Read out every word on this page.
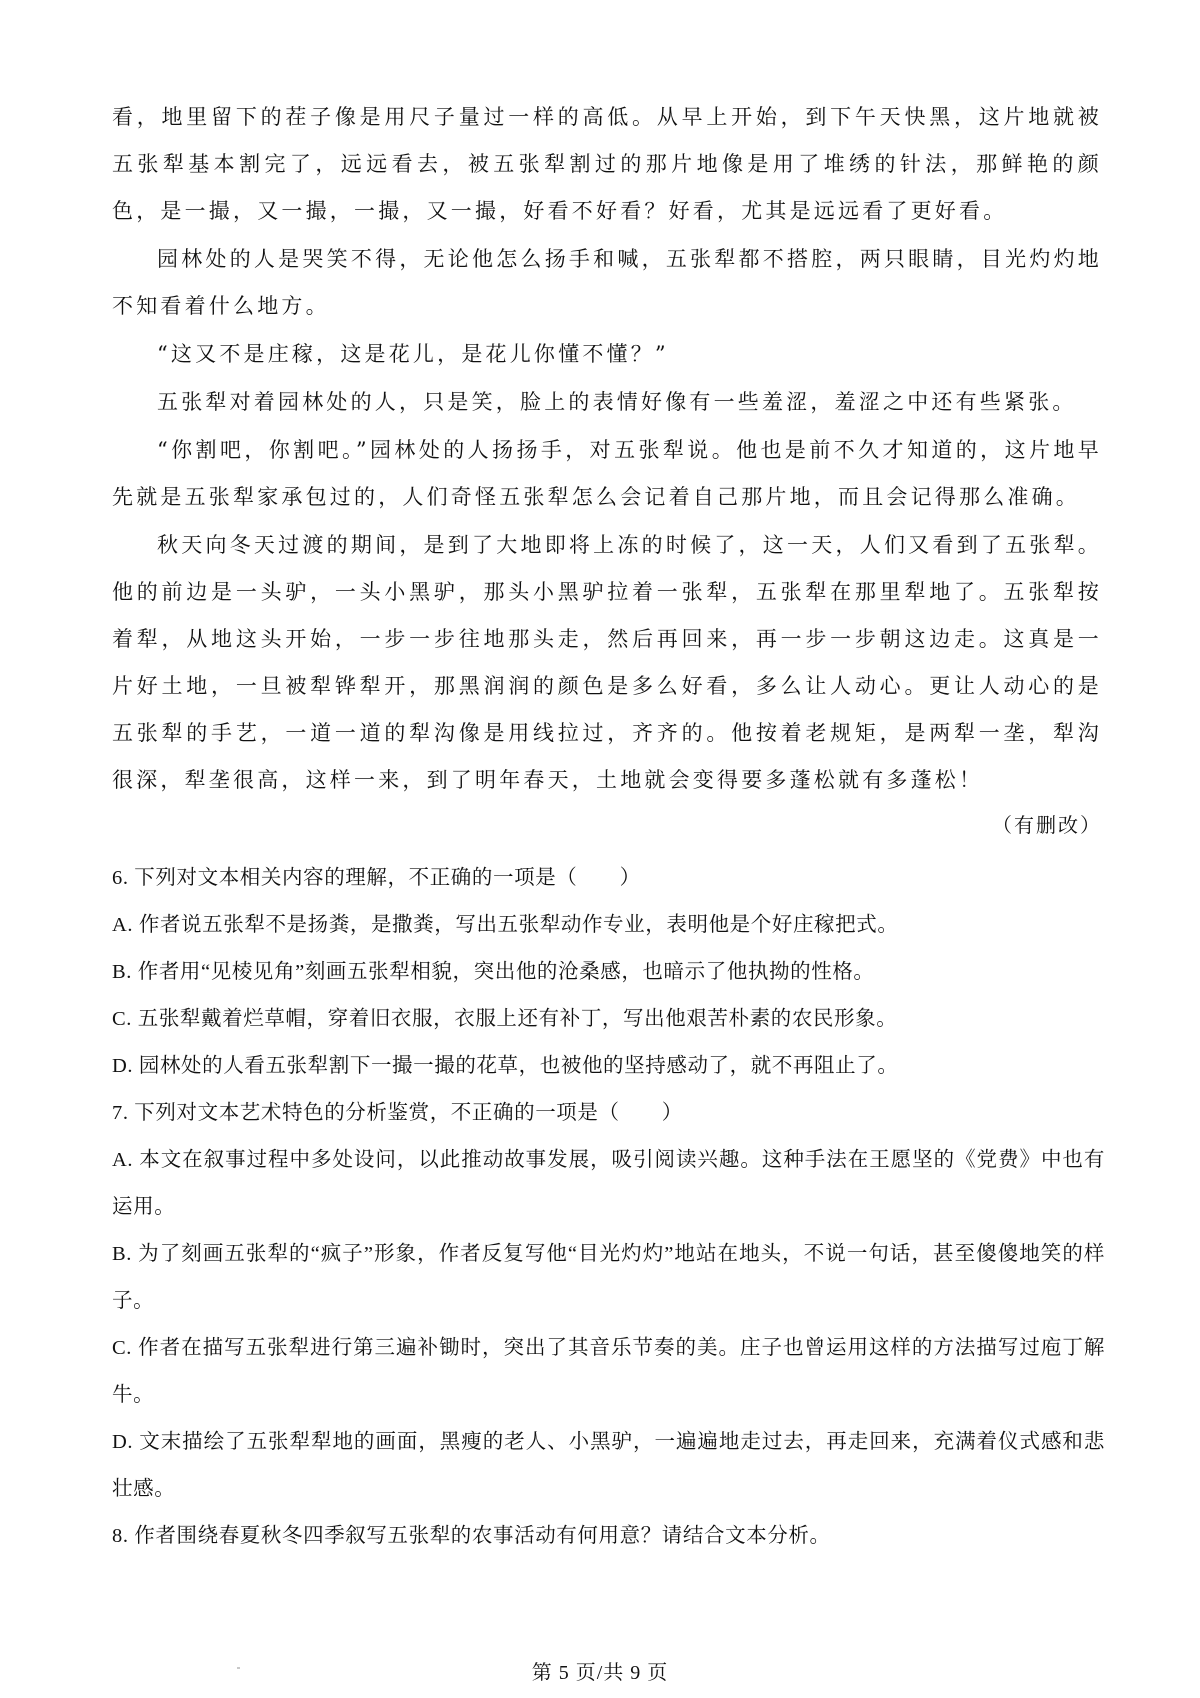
看，地里留下的茬子像是用尺子量过一样的高低。从早上开始，到下午天快黑，这片地就被五张犁基本割完了，远远看去，被五张犁割过的那片地像是用了堆绣的针法，那鲜艳的颜色，是一撮，又一撮，一撮，又一撮，好看不好看？好看，尤其是远远看了更好看。

园林处的人是哭笑不得，无论他怎么扬手和喊，五张犁都不搭腔，两只眼睛，目光灼灼地不知看着什么地方。

“这又不是庄稼，这是花儿，是花儿你懂不懂？”

五张犁对着园林处的人，只是笑，脸上的表情好像有一些羞涩，羞涩之中还有些紧张。

“你割吧，你割吧。”园林处的人扬扬手，对五张犁说。他也是前不久才知道的，这片地早先就是五张犁家承包过的，人们奇怪五张犁怎么会记着自己那片地，而且会记得那么准确。

秋天向冬天过渡的期间，是到了大地即将上冻的时候了，这一天，人们又看到了五张犁。他的前边是一头驴，一头小黑驴，那头小黑驴拉着一张犁，五张犁在那里犁地了。五张犁按着犁，从地这头开始，一步一步往地那头走，然后再回来，再一步一步朝这边走。这真是一片好土地，一旦被犁铧犁开，那黑润润的颜色是多么好看，多么让人动心。更让人动心的是五张犁的手艺，一道一道的犁沟像是用线拉过，齐齐的。他按着老规矩，是两犁一垄，犁沟很深，犁垄很高，这样一来，到了明年春天，土地就会变得要多蓬松就有多蓬松！

（有删改）

6. 下列对文本相关内容的理解，不正确的一项是（　　）

A. 作者说五张犁不是扬粪，是撒粪，写出五张犁动作专业，表明他是个好庄稼把式。

B. 作者用“见棱见角”刻画五张犁相貌，突出他的沧桑感，也暗示了他执拗的性格。

C. 五张犁戴着烂草帽，穿着旧衣服，衣服上还有补丁，写出他艰苦朴素的农民形象。

D. 园林处的人看五张犁割下一撮一撮的花草，也被他的坚持感动了，就不再阻止了。

7. 下列对文本艺术特色的分析鉴赏，不正确的一项是（　　）

A. 本文在叙事过程中多处设问，以此推动故事发展，吸引阅读兴趣。这种手法在王愿坚的《党费》中也有运用。

B. 为了刻画五张犁的“疯子”形象，作者反复写他“目光灼灼”地站在地头，不说一句话，甚至傻傻地笑的样子。

C. 作者在描写五张犁进行第三遍补锄时，突出了其音乐节奏的美。庄子也曾运用这样的方法描写过庖丁解牛。

D. 文末描绘了五张犁犁地的画面，黑瘦的老人、小黑驴，一遍遍地走过去，再走回来，充满着仪式感和悲壮感。

8. 作者围绕春夏秋冬四季叙写五张犁的农事活动有何用意？请结合文本分析。

第 5 页/共 9 页
